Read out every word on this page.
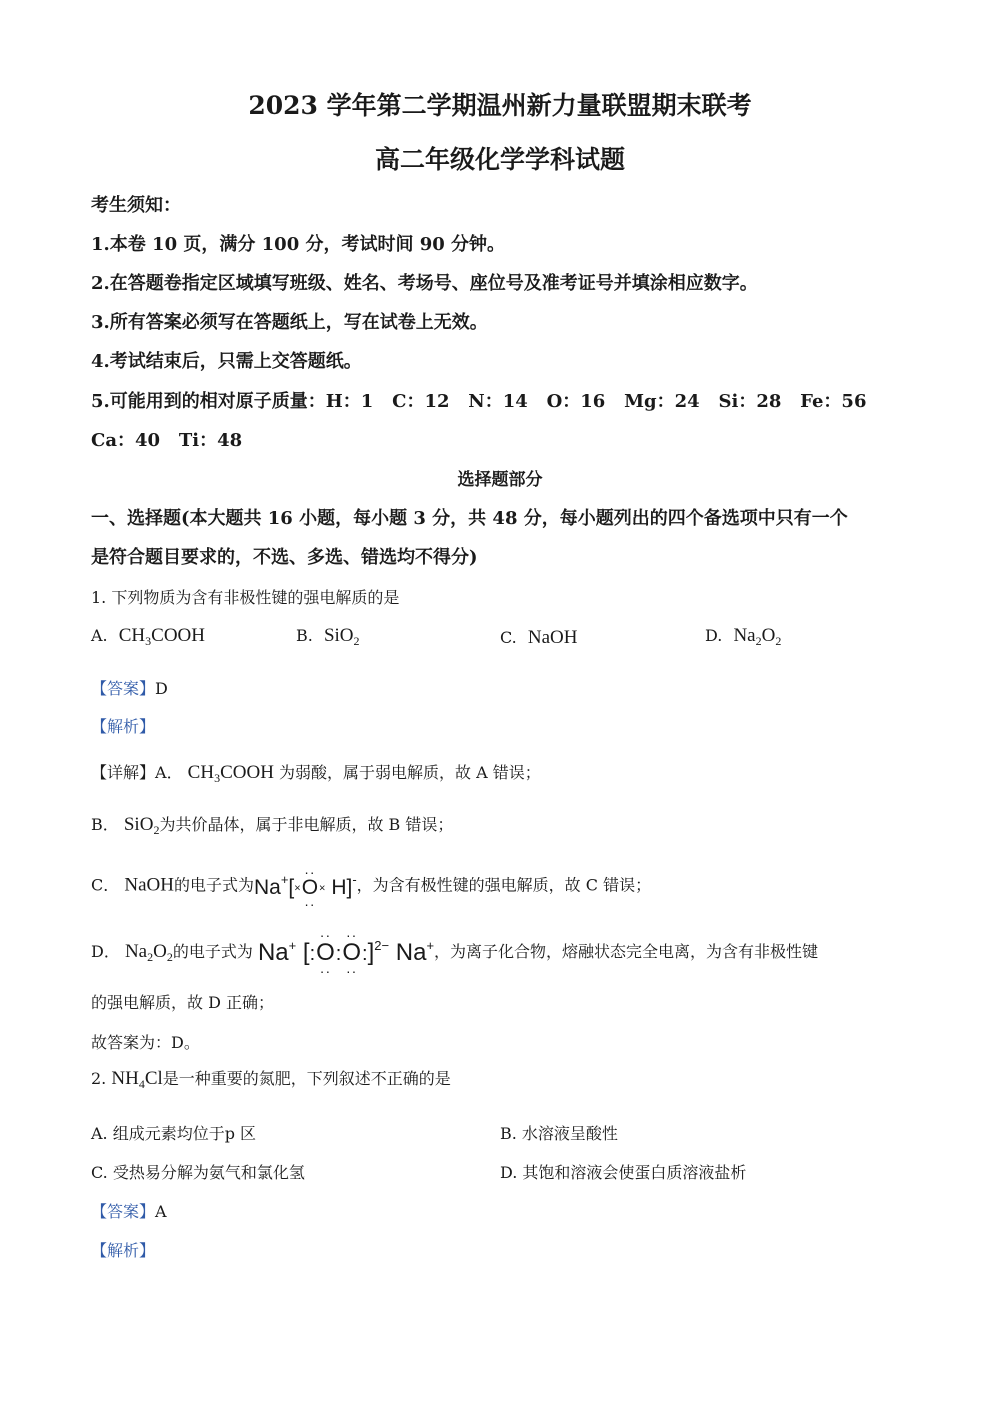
2023 学年第二学期温州新力量联盟期末联考
高二年级化学学科试题
考生须知：
1.本卷 10 页，满分 100 分，考试时间 90 分钟。
2.在答题卷指定区域填写班级、姓名、考场号、座位号及准考证号并填涂相应数字。
3.所有答案必须写在答题纸上，写在试卷上无效。
4.考试结束后，只需上交答题纸。
5.可能用到的相对原子质量：H：1   C：12   N：14   O：16   Mg：24   Si：28   Fe：56
Ca：40   Ti：48
选择题部分
一、选择题(本大题共 16 小题，每小题 3 分，共 48 分，每小题列出的四个备选项中只有一个
是符合题目要求的，不选、多选、错选均不得分)
1. 下列物质为含有非极性键的强电解质的是
A. $CH_3COOH$	B. SiO$_2$	C. NaOH	D. $Na_2O_2$
【答案】D
【解析】
【详解】A． $CH_3COOH$ 为弱酸，属于弱电解质，故 A 错误；
B． SiO$_2$为共价晶体，属于非电解质，故 B 错误；
C． NaOH的电子式为Na+[×O
··
··
× H]-，为含有极性键的强电解质，故 C 错误；
D． $Na_2O_2$的电子式为 Na+ [:O
··
··
:O
··
··
:]$^{2-}$ Na+，为离子化合物，熔融状态完全电离，为含有非极性键
的强电解质，故 D 正确；
故答案为：D。
2. $NH_4Cl$是一种重要的氮肥，下列叙述不正确的是
A. 组成元素均位于p 区	B. 水溶液呈酸性
C. 受热易分解为氨气和氯化氢	D. 其饱和溶液会使蛋白质溶液盐析
【答案】A
【解析】
